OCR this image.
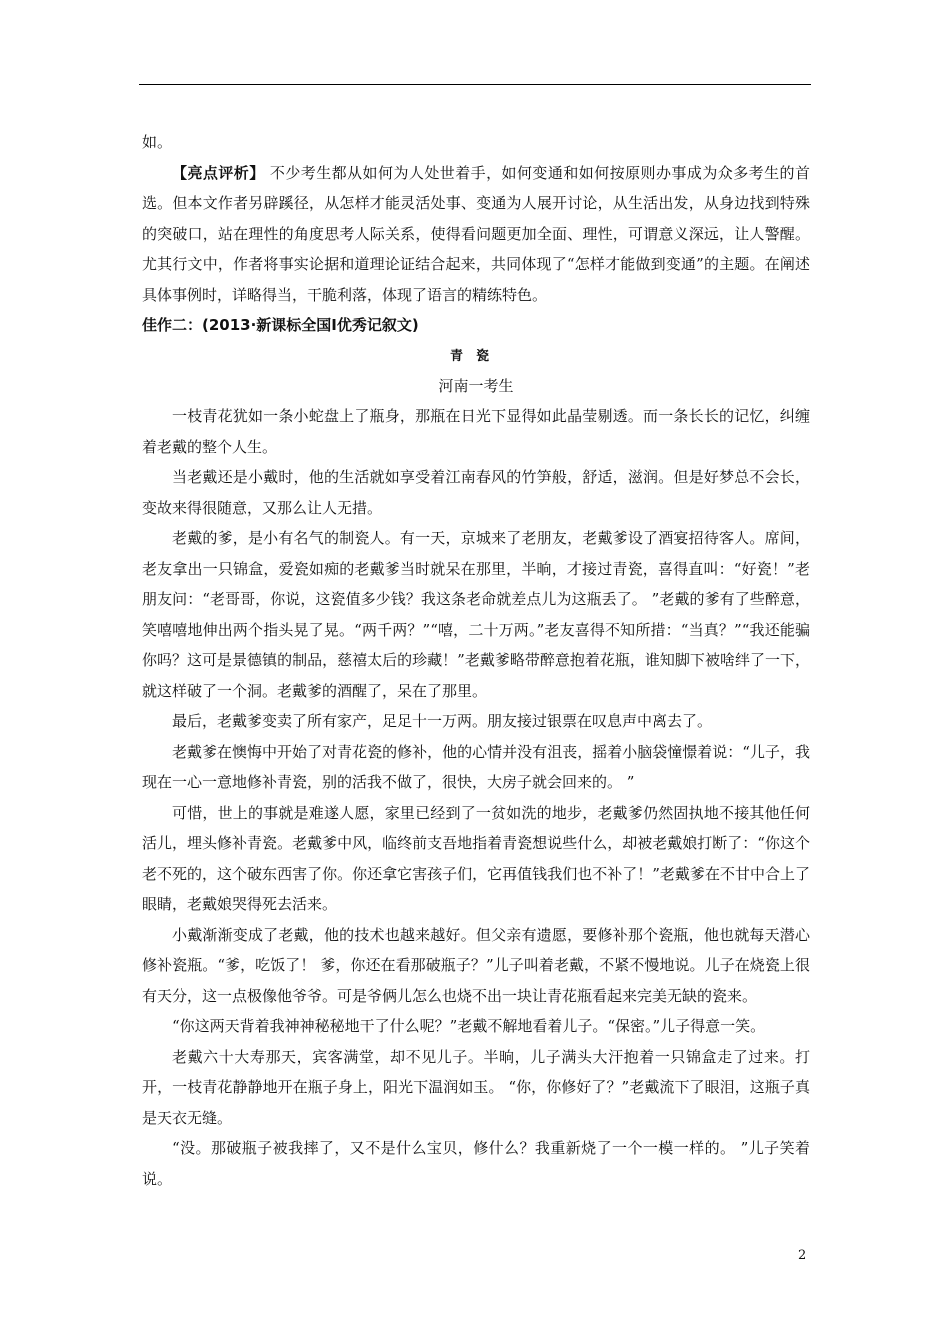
如。

【亮点评析】 不少考生都从如何为人处世着手，如何变通和如何按原则办事成为众多考生的首选。但本文作者另辟蹊径，从怎样才能灵活处事、变通为人展开讨论，从生活出发，从身边找到特殊的突破口，站在理性的角度思考人际关系，使得看问题更加全面、理性，可谓意义深远，让人警醒。尤其行文中，作者将事实论据和道理论证结合起来，共同体现了“怎样才能做到变通”的主题。在阐述具体事例时，详略得当，干脆利落，体现了语言的精练特色。

佳作二：(2013·新课标全国Ⅰ优秀记叙文)

青瓷

河南一考生

一枝青花犹如一条小蛇盘上了瓶身，那瓶在日光下显得如此晶莹剔透。而一条长长的记忆，纠缠着老戴的整个人生。

当老戴还是小戴时，他的生活就如享受着江南春风的竹笋般，舒适，滋润。但是好梦总不会长，变故来得很随意，又那么让人无措。

老戴的爹，是小有名气的制瓷人。有一天，京城来了老朋友，老戴爹设了酒宴招待客人。席间，老友拿出一只锦盒，爱瓷如痴的老戴爹当时就呆在那里，半晌，才接过青瓷，喜得直叫：“好瓷！”老朋友问：“老哥哥，你说，这瓷值多少钱？我这条老命就差点儿为这瓶丢了。 ”老戴的爹有了些醉意，笑嘻嘻地伸出两个指头晃了晃。“两千两？”“嘻，二十万两。”老友喜得不知所措：“当真？”“我还能骗你吗？这可是景德镇的制品，慈禧太后的珍藏！”老戴爹略带醉意抱着花瓶，谁知脚下被啥绊了一下，就这样破了一个洞。老戴爹的酒醒了，呆在了那里。

最后，老戴爹变卖了所有家产，足足十一万两。朋友接过银票在叹息声中离去了。

老戴爹在懊悔中开始了对青花瓷的修补，他的心情并没有沮丧，摇着小脑袋憧憬着说：“儿子，我现在一心一意地修补青瓷，别的活我不做了，很快，大房子就会回来的。 ”

可惜，世上的事就是难遂人愿，家里已经到了一贫如洗的地步，老戴爹仍然固执地不接其他任何活儿，埋头修补青瓷。老戴爹中风，临终前支吾地指着青瓷想说些什么，却被老戴娘打断了：“你这个老不死的，这个破东西害了你。你还拿它害孩子们，它再值钱我们也不补了！”老戴爹在不甘中合上了眼睛，老戴娘哭得死去活来。

小戴渐渐变成了老戴，他的技术也越来越好。但父亲有遗愿，要修补那个瓷瓶，他也就每天潜心修补瓷瓶。“爹，吃饭了！ 爹，你还在看那破瓶子？”儿子叫着老戴，不紧不慢地说。儿子在烧瓷上很有天分，这一点极像他爷爷。可是爷俩儿怎么也烧不出一块让青花瓶看起来完美无缺的瓷来。

“你这两天背着我神神秘秘地干了什么呢？”老戴不解地看着儿子。“保密。”儿子得意一笑。

老戴六十大寿那天，宾客满堂，却不见儿子。半晌，儿子满头大汗抱着一只锦盒走了过来。打开，一枝青花静静地开在瓶子身上，阳光下温润如玉。 “你，你修好了？”老戴流下了眼泪，这瓶子真是天衣无缝。

“没。那破瓶子被我摔了，又不是什么宝贝，修什么？我重新烧了一个一模一样的。 ”儿子笑着说。

2
